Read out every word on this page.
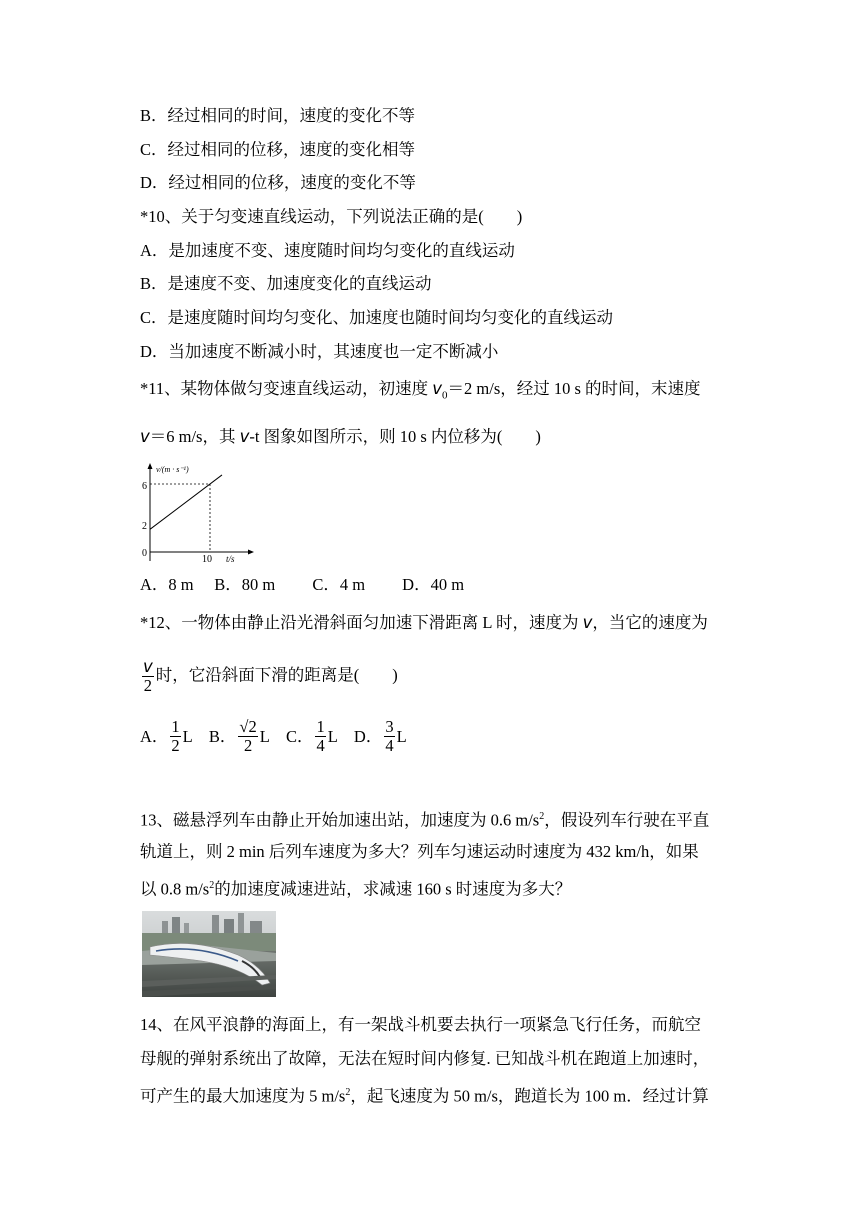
B．经过相同的时间，速度的变化不等
C．经过相同的位移，速度的变化相等
D．经过相同的位移，速度的变化不等
*10、关于匀变速直线运动，下列说法正确的是(　　)
A．是加速度不变、速度随时间均匀变化的直线运动
B．是速度不变、加速度变化的直线运动
C．是速度随时间均匀变化、加速度也随时间均匀变化的直线运动
D．当加速度不断减小时，其速度也一定不断减小
*11、某物体做匀变速直线运动，初速度 $v_0=2$ m/s，经过 10 s 的时间，末速度
v＝6 m/s，其 v-t 图象如图所示，则 10 s 内位移为(　　)
v/(m · s⁻¹)
t/s
6
2
0
10
A．8 m　 B．80 m　　 C．4 m　　 D．40 m
*12、一物体由静止沿光滑斜面匀加速下滑距离 L 时，速度为 v，当它的速度为
$\frac{v}{2}$ 时，它沿斜面下滑的距离是(　　)
A． $\frac{1}{2}$ L
B． $\frac{√2}{2}$ L
C． $\frac{1}{4}$ L
D． $\frac{3}{4}$ L
13、磁悬浮列车由静止开始加速出站，加速度为 0.6 $m/s^2$，假设列车行驶在平直
轨道上，则 2 min 后列车速度为多大？列车匀速运动时速度为 432 km/h，如果
以 0.8 $m/s^2$的加速度减速进站，求减速 160 s 时速度为多大？
14、在风平浪静的海面上，有一架战斗机要去执行一项紧急飞行任务，而航空
母舰的弹射系统出了故障，无法在短时间内修复. 已知战斗机在跑道上加速时，
可产生的最大加速度为 5 $m/s^2$，起飞速度为 50 m/s，跑道长为 100 m．经过计算
